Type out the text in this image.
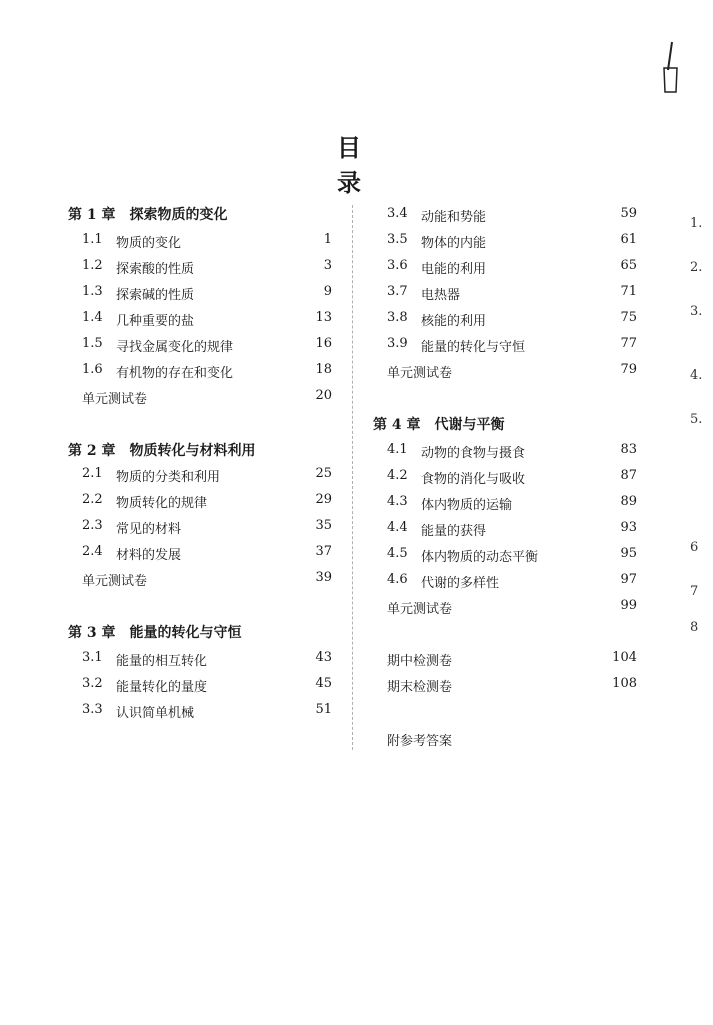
目 录
第 1 章　探索物质的变化
1.1 物质的变化	1
1.2 探索酸的性质	3
1.3 探索碱的性质	9
1.4 几种重要的盐	13
1.5 寻找金属变化的规律	16
1.6 有机物的存在和变化	18
单元测试卷	20
第 2 章　物质转化与材料利用
2.1 物质的分类和利用	25
2.2 物质转化的规律	29
2.3 常见的材料	35
2.4 材料的发展	37
单元测试卷	39
第 3 章　能量的转化与守恒
3.1 能量的相互转化	43
3.2 能量转化的量度	45
3.3 认识简单机械	51
3.4 动能和势能	59
3.5 物体的内能	61
3.6 电能的利用	65
3.7 电热器	71
3.8 核能的利用	75
3.9 能量的转化与守恒	77
单元测试卷	79
第 4 章　代谢与平衡
4.1 动物的食物与摄食	83
4.2 食物的消化与吸收	87
4.3 体内物质的运输	89
4.4 能量的获得	93
4.5 体内物质的动态平衡	95
4.6 代谢的多样性	97
单元测试卷	99
期中检测卷	104
期末检测卷	108
附参考答案
1.
2.
3.
4.
5.
6
7
8
